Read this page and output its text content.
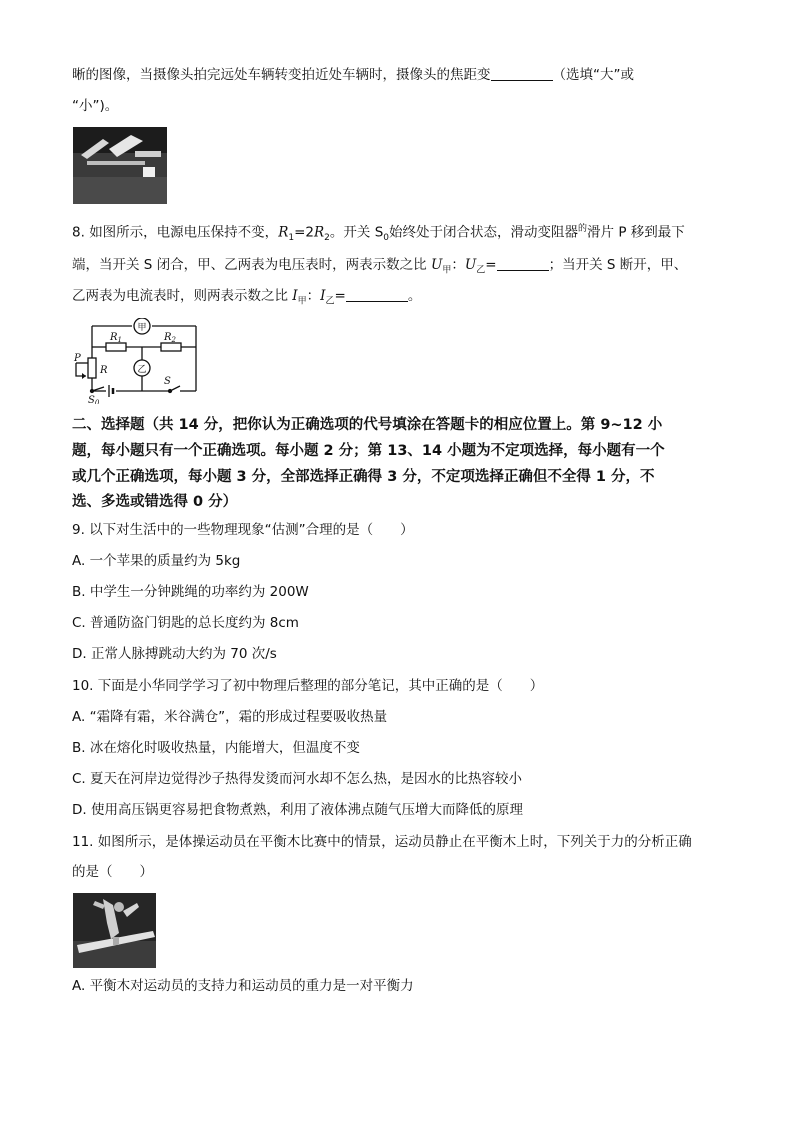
晰的图像，当摄像头拍完远处车辆转变拍近处车辆时，摄像头的焦距变	（选填“大”或
“小”)。
8. 如图所示，电源电压保持不变，$R_1=2R_2$。开关 $S_0$始终处于闭合状态，滑动变阻器$^的$滑片 P 移到最下
端，当开关 S 闭合，甲、乙两表为电压表时，两表示数之比 $U_甲$：$U_乙=$	；当开关 S 断开，甲、
乙两表为电流表时，则两表示数之比 $I_甲$：$I_乙=$	。
甲
乙
$R_1$	$R_2$
P
R
S
$S_0$
二、选择题（共 14 分，把你认为正确选项的代号填涂在答题卡的相应位置上。第 9~12 小
题，每小题只有一个正确选项。每小题 2 分；第 13、14 小题为不定项选择，每小题有一个
或几个正确选项，每小题 3 分，全部选择正确得 3 分，不定项选择正确但不全得 1 分，不
选、多选或错选得 0 分）
9. 以下对生活中的一些物理现象“估测”合理的是（　　）
A. 一个苹果的质量约为 5kg
B. 中学生一分钟跳绳的功率约为 200W
C. 普通防盗门钥匙的总长度约为 8cm
D. 正常人脉搏跳动大约为 70 次/s
10. 下面是小华同学学习了初中物理后整理的部分笔记，其中正确的是（　　）
A. “霜降有霜，米谷满仓”，霜的形成过程要吸收热量
B. 冰在熔化时吸收热量，内能增大，但温度不变
C. 夏天在河岸边觉得沙子热得发烫而河水却不怎么热，是因水的比热容较小
D. 使用高压锅更容易把食物煮熟，利用了液体沸点随气压增大而降低的原理
11. 如图所示，是体操运动员在平衡木比赛中的情景，运动员静止在平衡木上时，下列关于力的分析正确
的是（　　）
A. 平衡木对运动员的支持力和运动员的重力是一对平衡力
